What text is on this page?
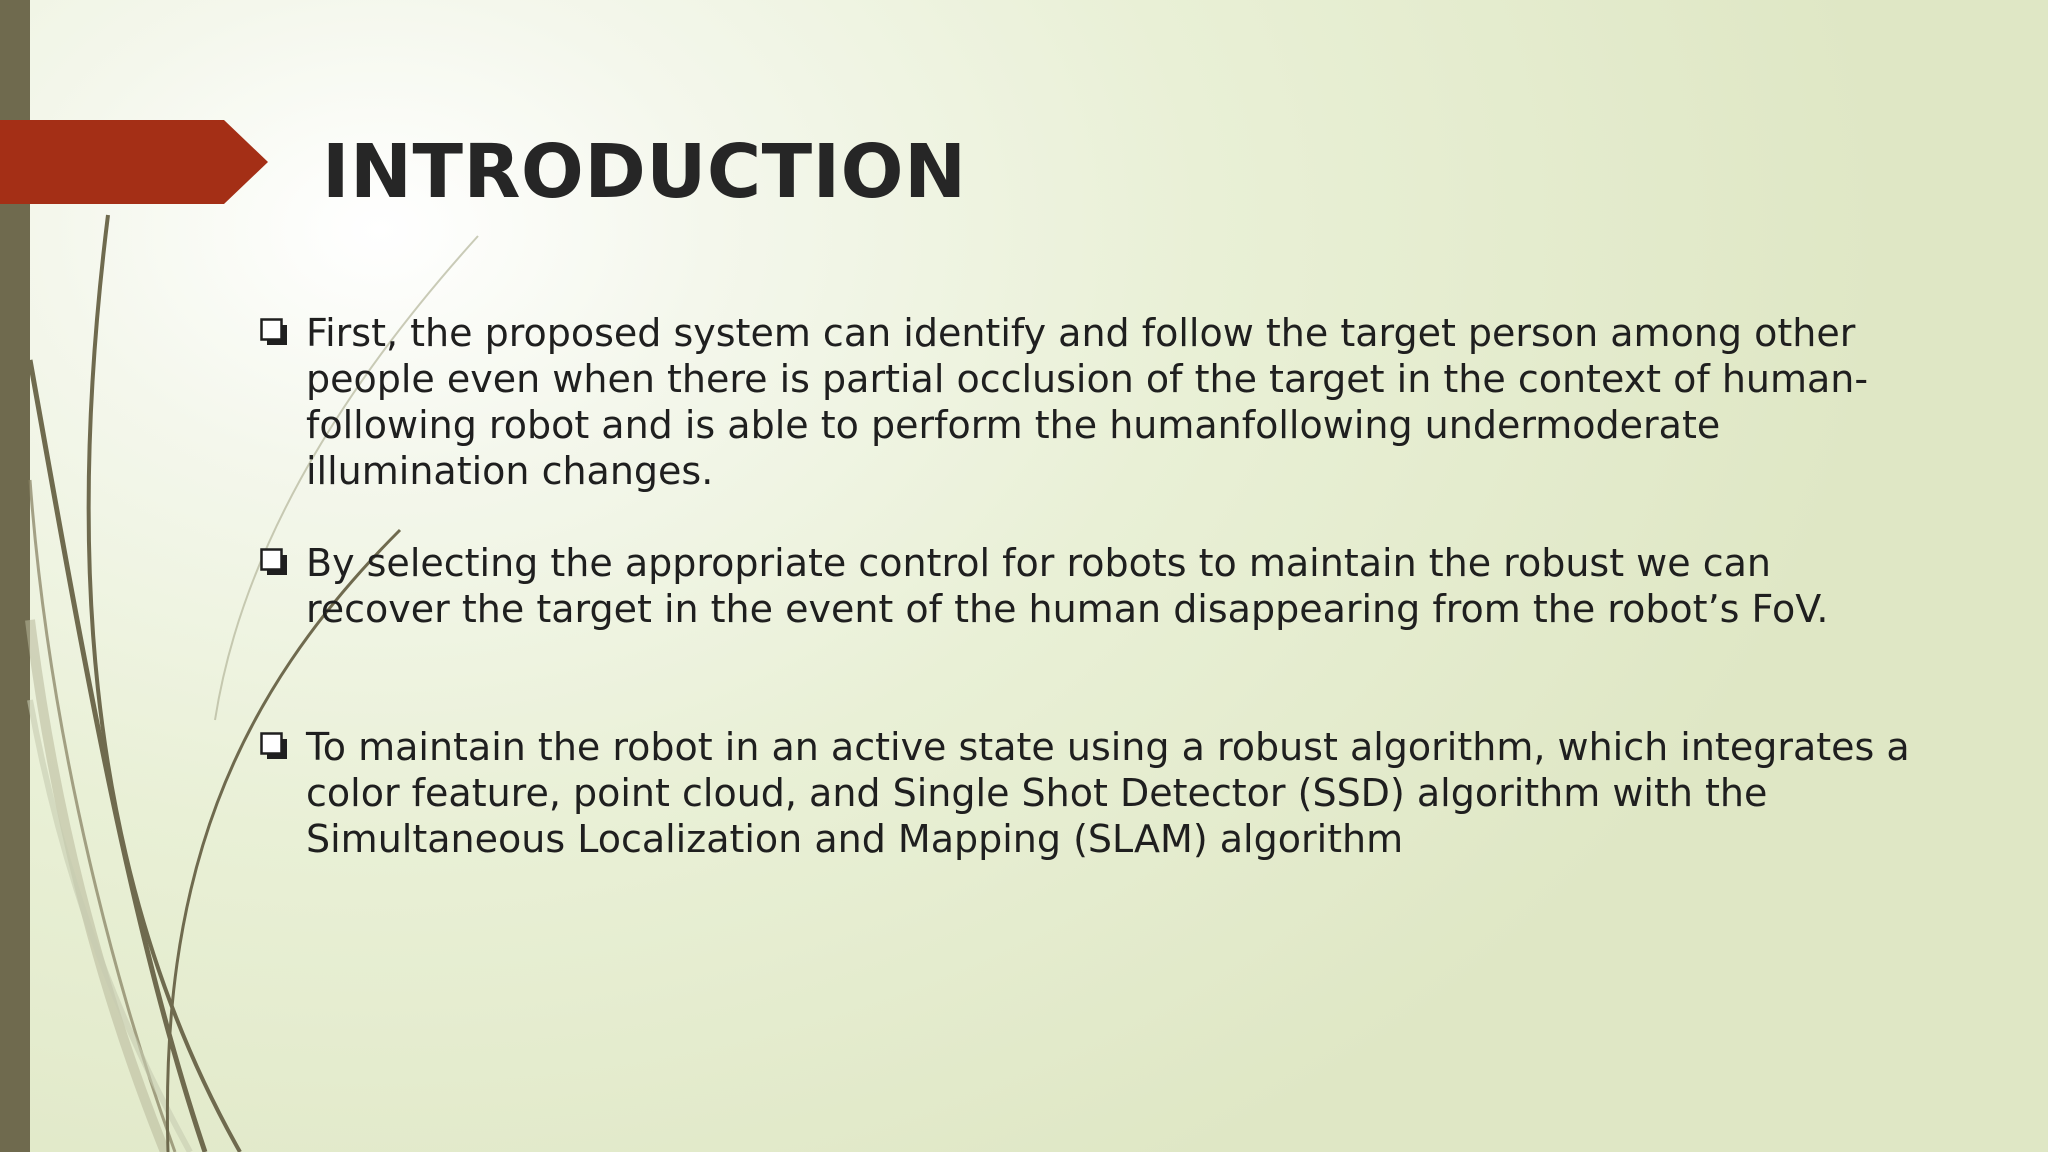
INTRODUCTION
First, the proposed system can identify and follow the target person among other people even when there is partial occlusion of the target in the context of human-following robot and is able to perform the humanfollowing undermoderate illumination changes.
By selecting the appropriate control for robots to maintain the robust we can recover the target in the event of the human disappearing from the robot’s FoV.
To maintain the robot in an active state using a robust algorithm, which integrates a color feature, point cloud, and Single Shot Detector (SSD) algorithm with the Simultaneous Localization and Mapping (SLAM) algorithm
